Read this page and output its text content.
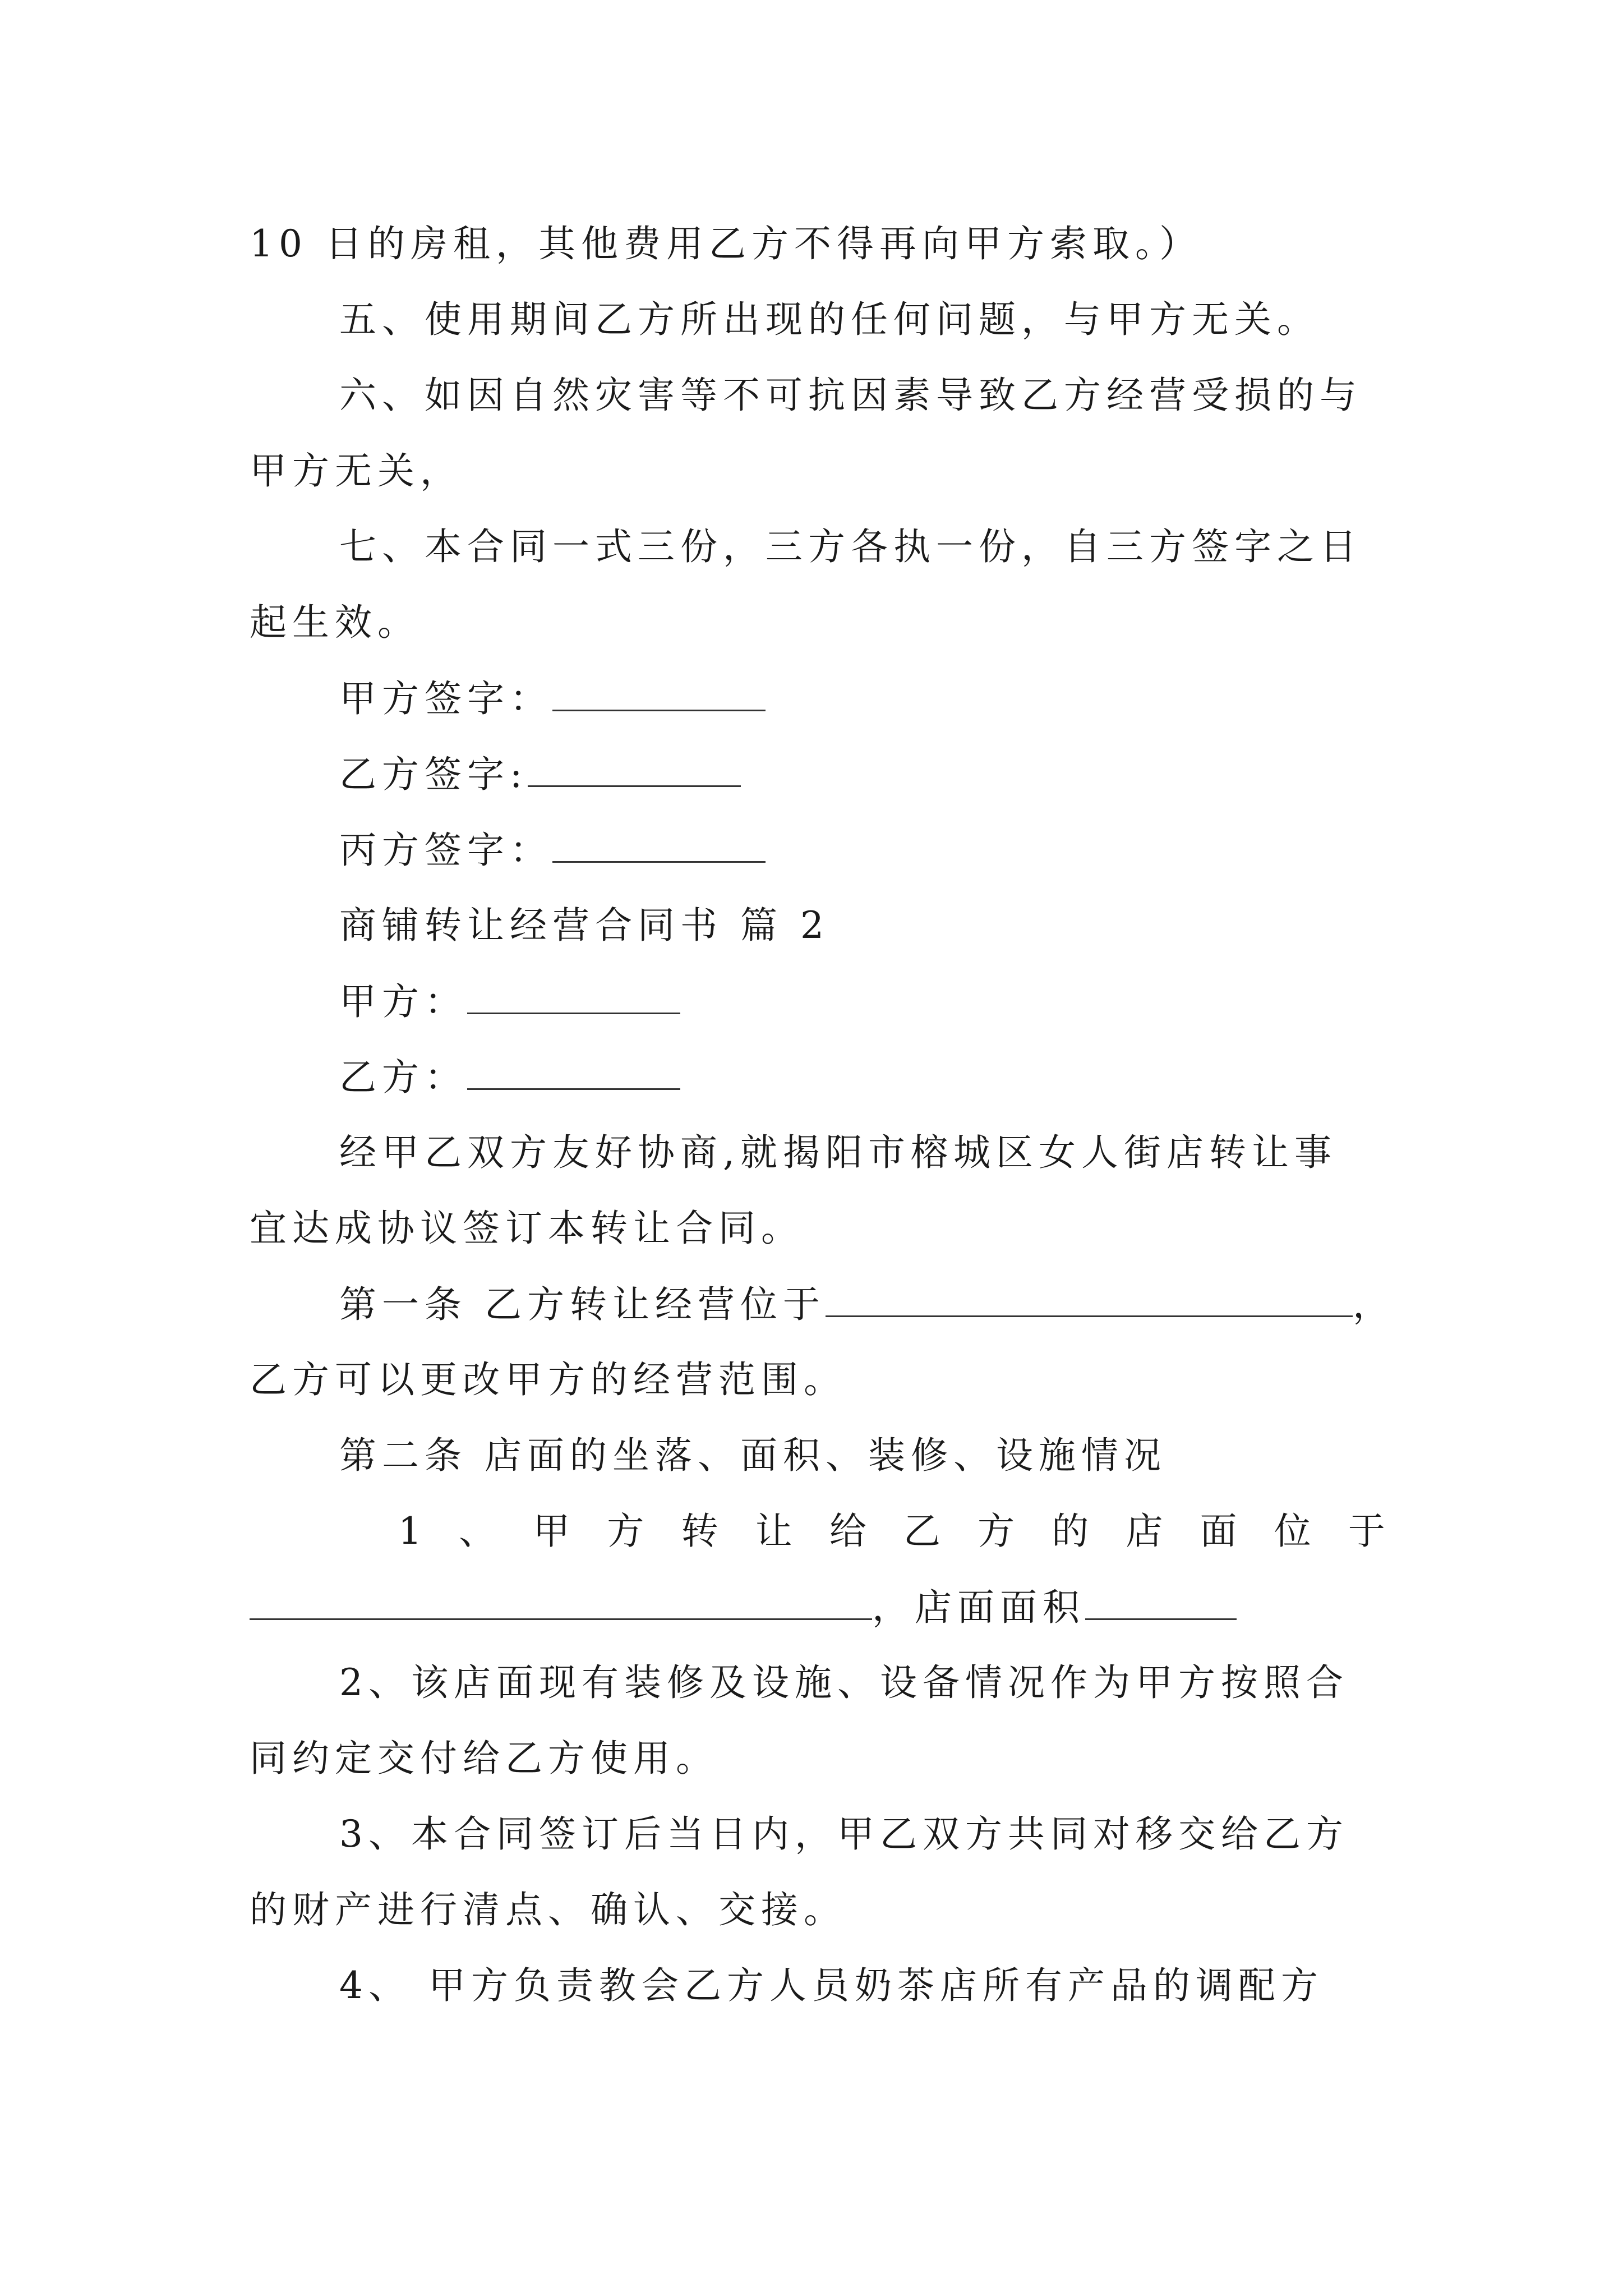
10 日的房租，其他费用乙方不得再向甲方索取。）
五、使用期间乙方所出现的任何问题，与甲方无关。
六、如因自然灾害等不可抗因素导致乙方经营受损的与
甲方无关，
七、本合同一式三份，三方各执一份，自三方签字之日
起生效。
甲方签字：
乙方签字:
丙方签字：
商铺转让经营合同书 篇 2
甲方：
乙方：
经甲乙双方友好协商,就揭阳市榕城区女人街店转让事
宜达成协议签订本转让合同。
第一条 乙方转让经营位于	，
乙方可以更改甲方的经营范围。
第二条 店面的坐落、面积、装修、设施情况
1 、 甲 方 转 让 给 乙 方 的 店 面 位 于
，店面面积
2、该店面现有装修及设施、设备情况作为甲方按照合
同约定交付给乙方使用。
3、本合同签订后当日内，甲乙双方共同对移交给乙方
的财产进行清点、确认、交接。
4、 甲方负责教会乙方人员奶茶店所有产品的调配方
